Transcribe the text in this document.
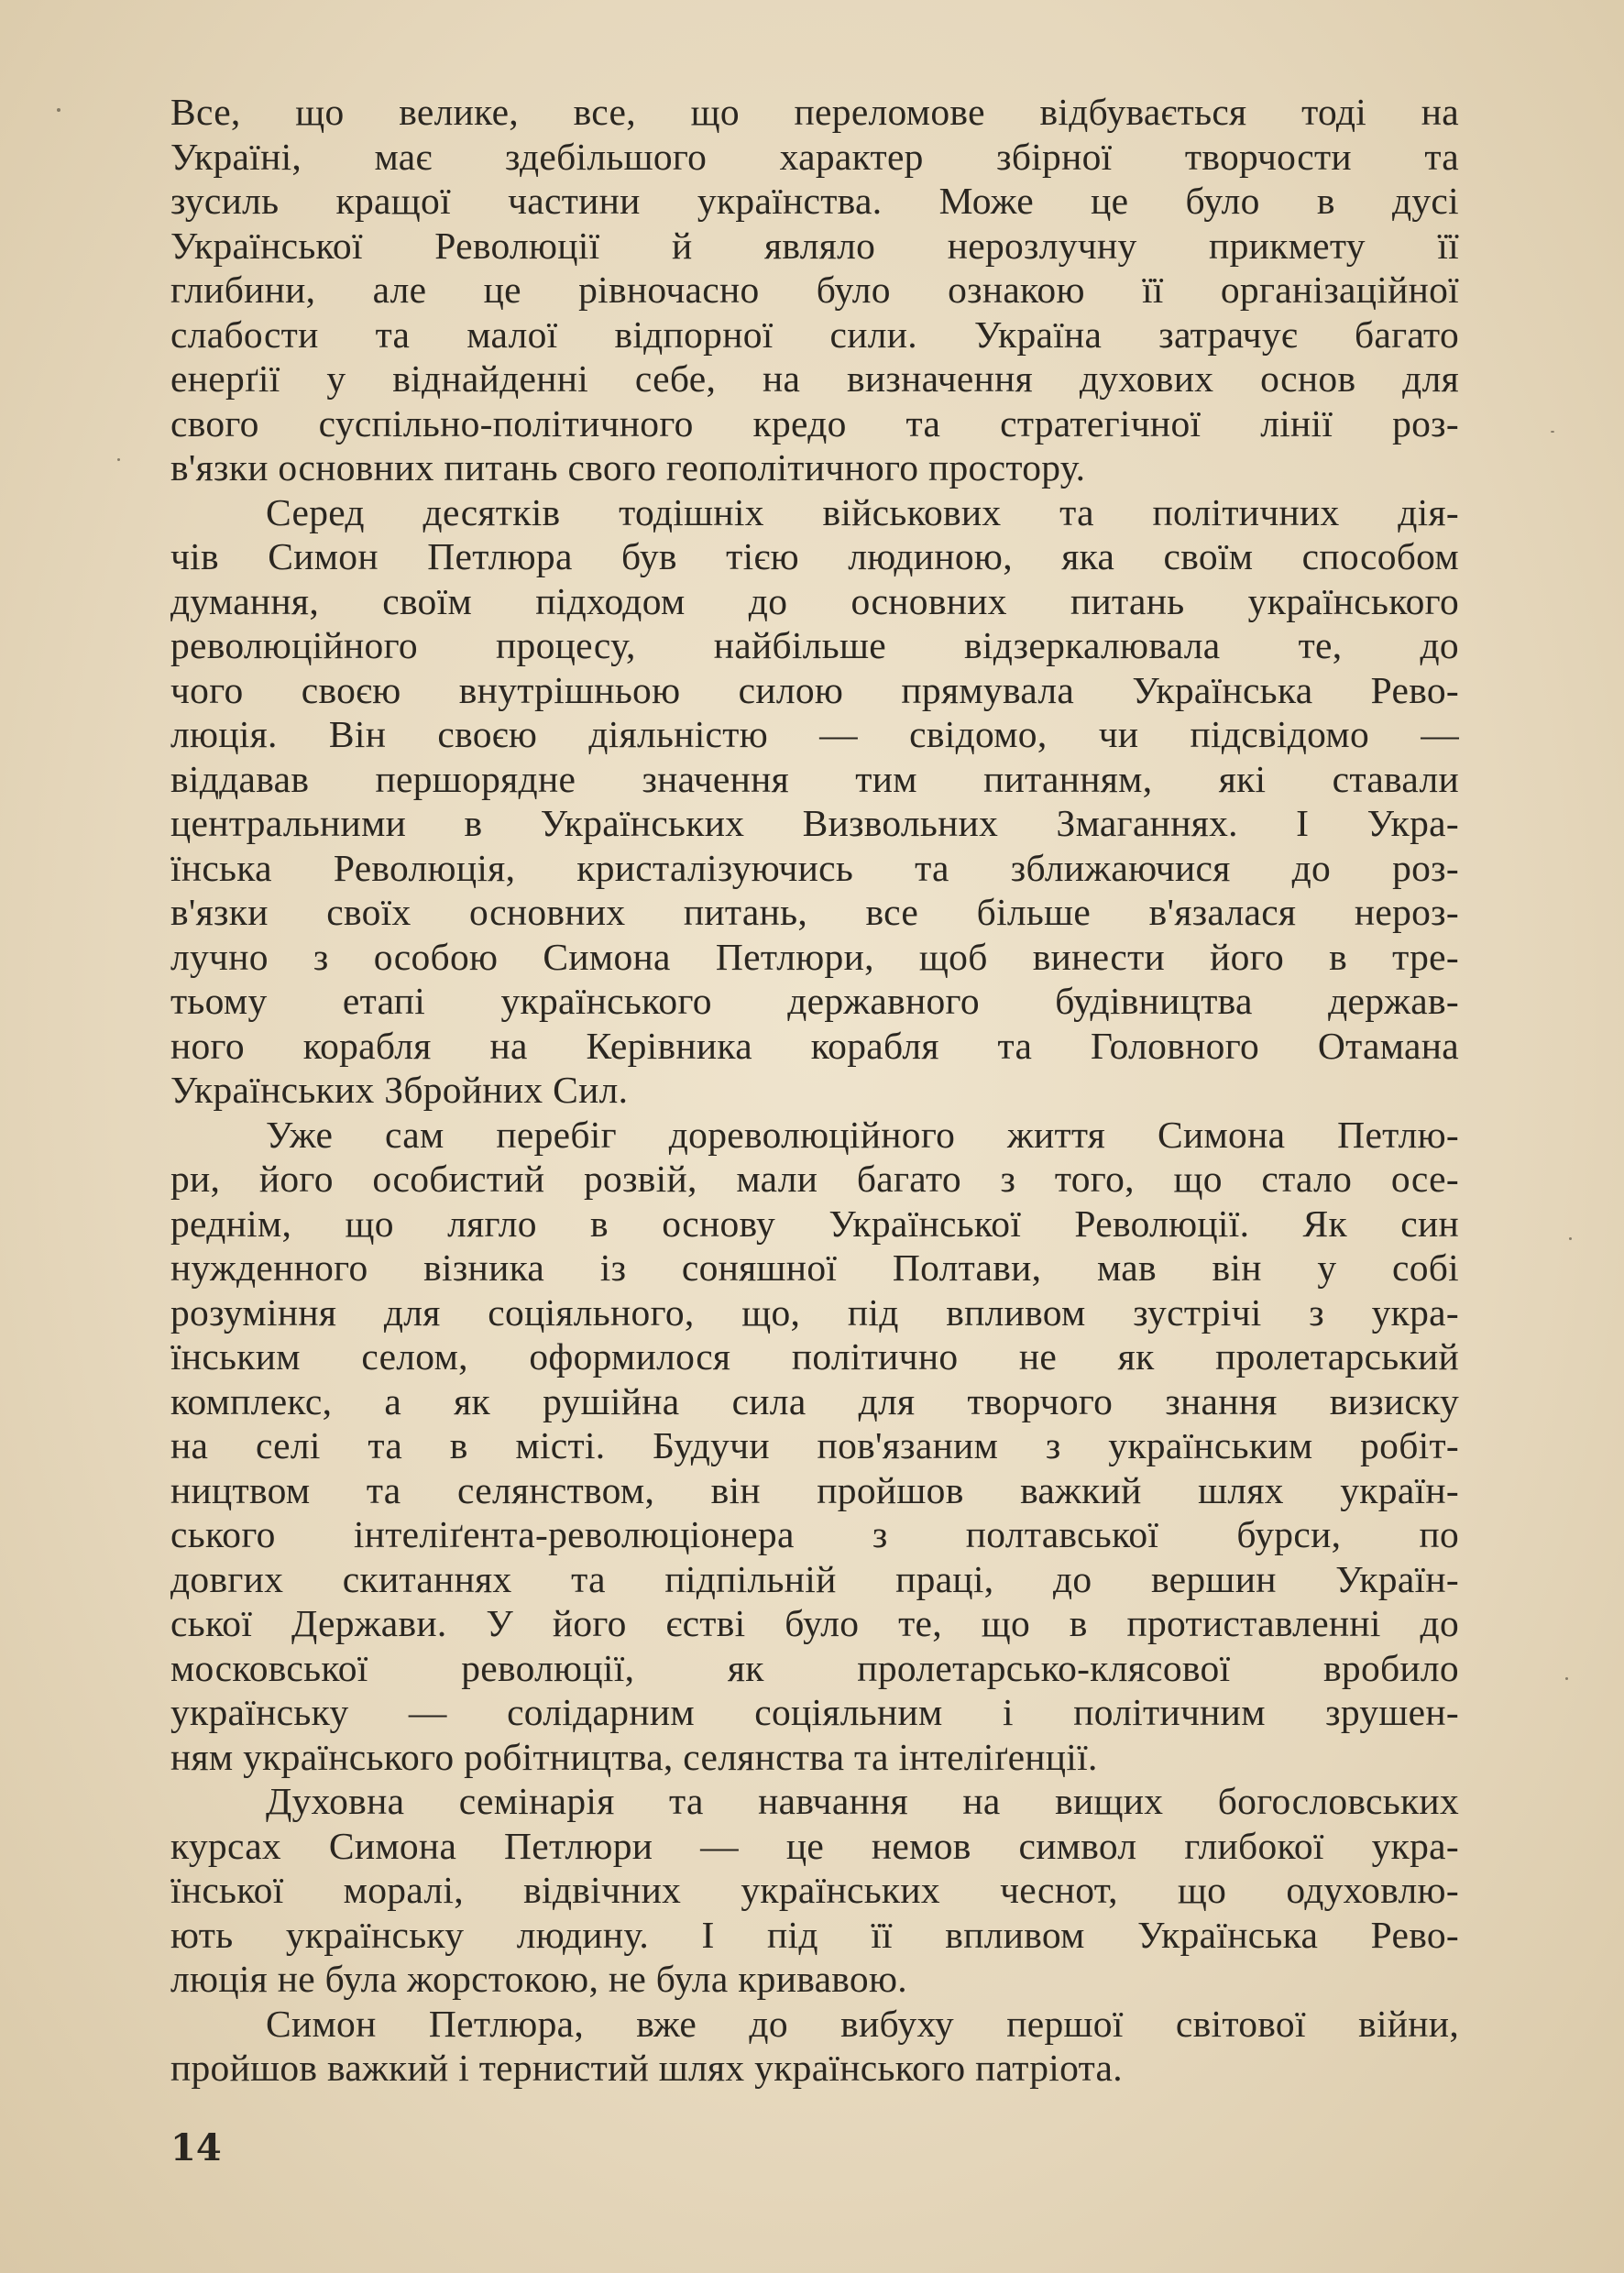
Все, що велике, все, що переломове відбувається тоді на
Україні, має здебільшого характер збірної творчости та
зусиль кращої частини українства. Може це було в дусі
Української Революції й являло нерозлучну прикмету її
глибини, але це рівночасно було ознакою її організаційної
слабости та малої відпорної сили. Україна затрачує багато
енерґії у віднайденні себе, на визначення духових основ для
свого суспільно-політичного кредо та стратегічної лінії роз-
в'язки основних питань свого геополітичного простору.
Серед десятків тодішніх військових та політичних дія-
чів Симон Петлюра був тією людиною, яка своїм способом
думання, своїм підходом до основних питань українського
революційного процесу, найбільше відзеркалювала те, до
чого своєю внутрішньою силою прямувала Українська Рево-
люція. Він своєю діяльністю — свідомо, чи підсвідомо —
віддавав першорядне значення тим питанням, які ставали
центральними в Українських Визвольних Змаганнях. І Укра-
їнська Революція, кристалізуючись та зближаючися до роз-
в'язки своїх основних питань, все більше в'язалася нероз-
лучно з особою Симона Петлюри, щоб винести його в тре-
тьому етапі українського державного будівництва держав-
ного корабля на Керівника корабля та Головного Отамана
Українських Збройних Сил.
Уже сам перебіг дореволюційного життя Симона Петлю-
ри, його особистий розвій, мали багато з того, що стало осе-
реднім, що лягло в основу Української Революції. Як син
нужденного візника із соняшної Полтави, мав він у собі
розуміння для соціяльного, що, під впливом зустрічі з укра-
їнським селом, оформилося політично не як пролетарський
комплекс, а як рушійна сила для творчого знання визиску
на селі та в місті. Будучи пов'язаним з українським робіт-
ництвом та селянством, він пройшов важкий шлях україн-
ського інтеліґента-революціонера з полтавської бурси, по
довгих скитаннях та підпільній праці, до вершин Україн-
ської Держави. У його єстві було те, що в протиставленні до
московської революції, як пролетарсько-клясової вробило
українську — солідарним соціяльним і політичним зрушен-
ням українського робітництва, селянства та інтеліґенції.
Духовна семінарія та навчання на вищих богословських
курсах Симона Петлюри — це немов символ глибокої укра-
їнської моралі, відвічних українських чеснот, що одуховлю-
ють українську людину. І під її впливом Українська Рево-
люція не була жорстокою, не була кривавою.
Симон Петлюра, вже до вибуху першої світової війни,
пройшов важкий і тернистий шлях українського патріота.
14
